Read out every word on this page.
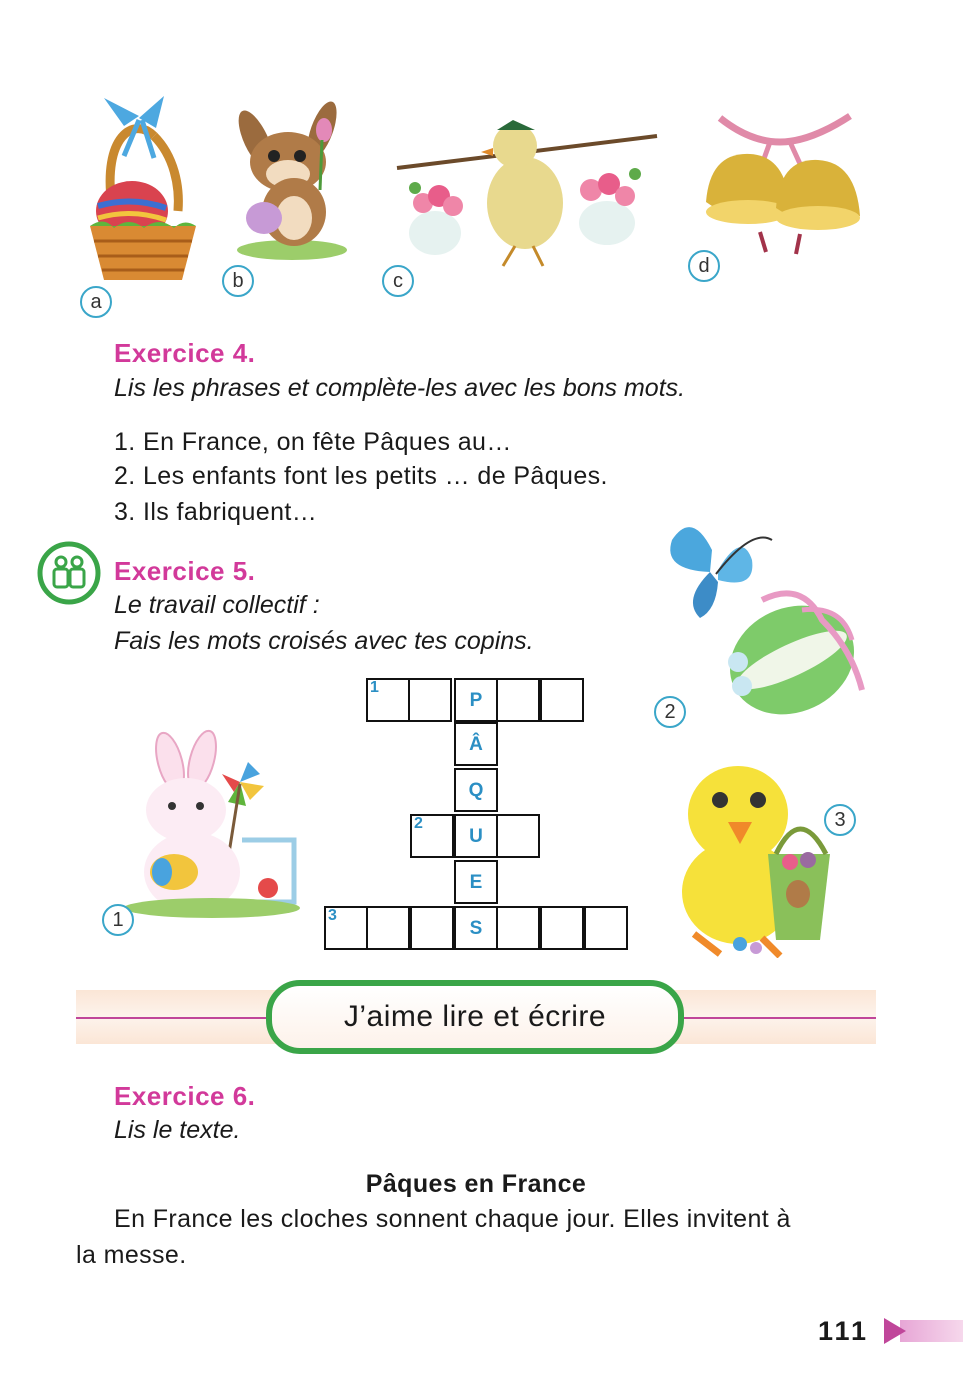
a
b	c
d
Exercice 4.
Lis les phrases et complète-les avec les bons mots.
1. En France, on fête Pâques au…
2. Les enfants font les petits … de Pâques.
3. Ils fabriquent…
Exercice 5.
Le travail collectif :
Fais les mots croisés avec tes copins.
2
1
3
1
2
3
P
Â
Q
U
E
S
J’aime lire et écrire
Exercice 6.
Lis le texte.
Pâques en France
En France les cloches sonnent chaque jour. Elles invitent à
la messe.
111
